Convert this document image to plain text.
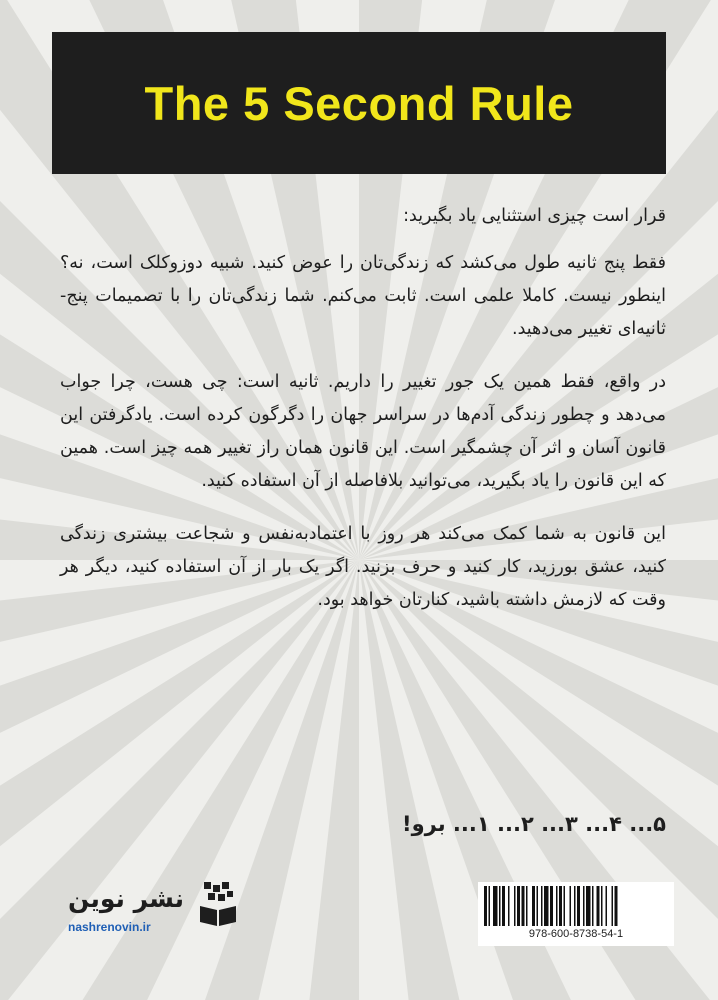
The 5 Second Rule

قرار است چیزی استثنایی یاد بگیرید:

فقط پنج ثانیه طول می‌کشد که زندگی‌تان را عوض کنید. شبیه دوزوکلک است، نه؟ اینطور نیست. کاملا علمی است. ثابت می‌کنم. شما زندگی‌تان را با تصمیمات پنج‌-ثانیه‌ای تغییر می‌دهید.

در واقع، فقط همین یک جور تغییر را داریم. ثانیه است: چی هست، چرا جواب می‌دهد و چطور زندگی آدم‌ها در سراسر جهان را دگرگون کرده است. یادگرفتن این قانون آسان و اثر آن چشمگیر است. این قانون همان راز تغییر همه چیز است. همین که این قانون را یاد بگیرید، می‌توانید بلافاصله از آن استفاده کنید.

این قانون به شما کمک می‌کند هر روز با اعتمادبه‌نفس و شجاعت بیشتری زندگی کنید، عشق بورزید، کار کنید و حرف بزنید. اگر یک بار از آن استفاده کنید، دیگر هر وقت که لازمش داشته باشید، کنارتان خواهد بود.

۵... ۴... ۳... ۲... ۱... برو!
نشر نوین
nashrenovin.ir	978-600-8738-54-1
